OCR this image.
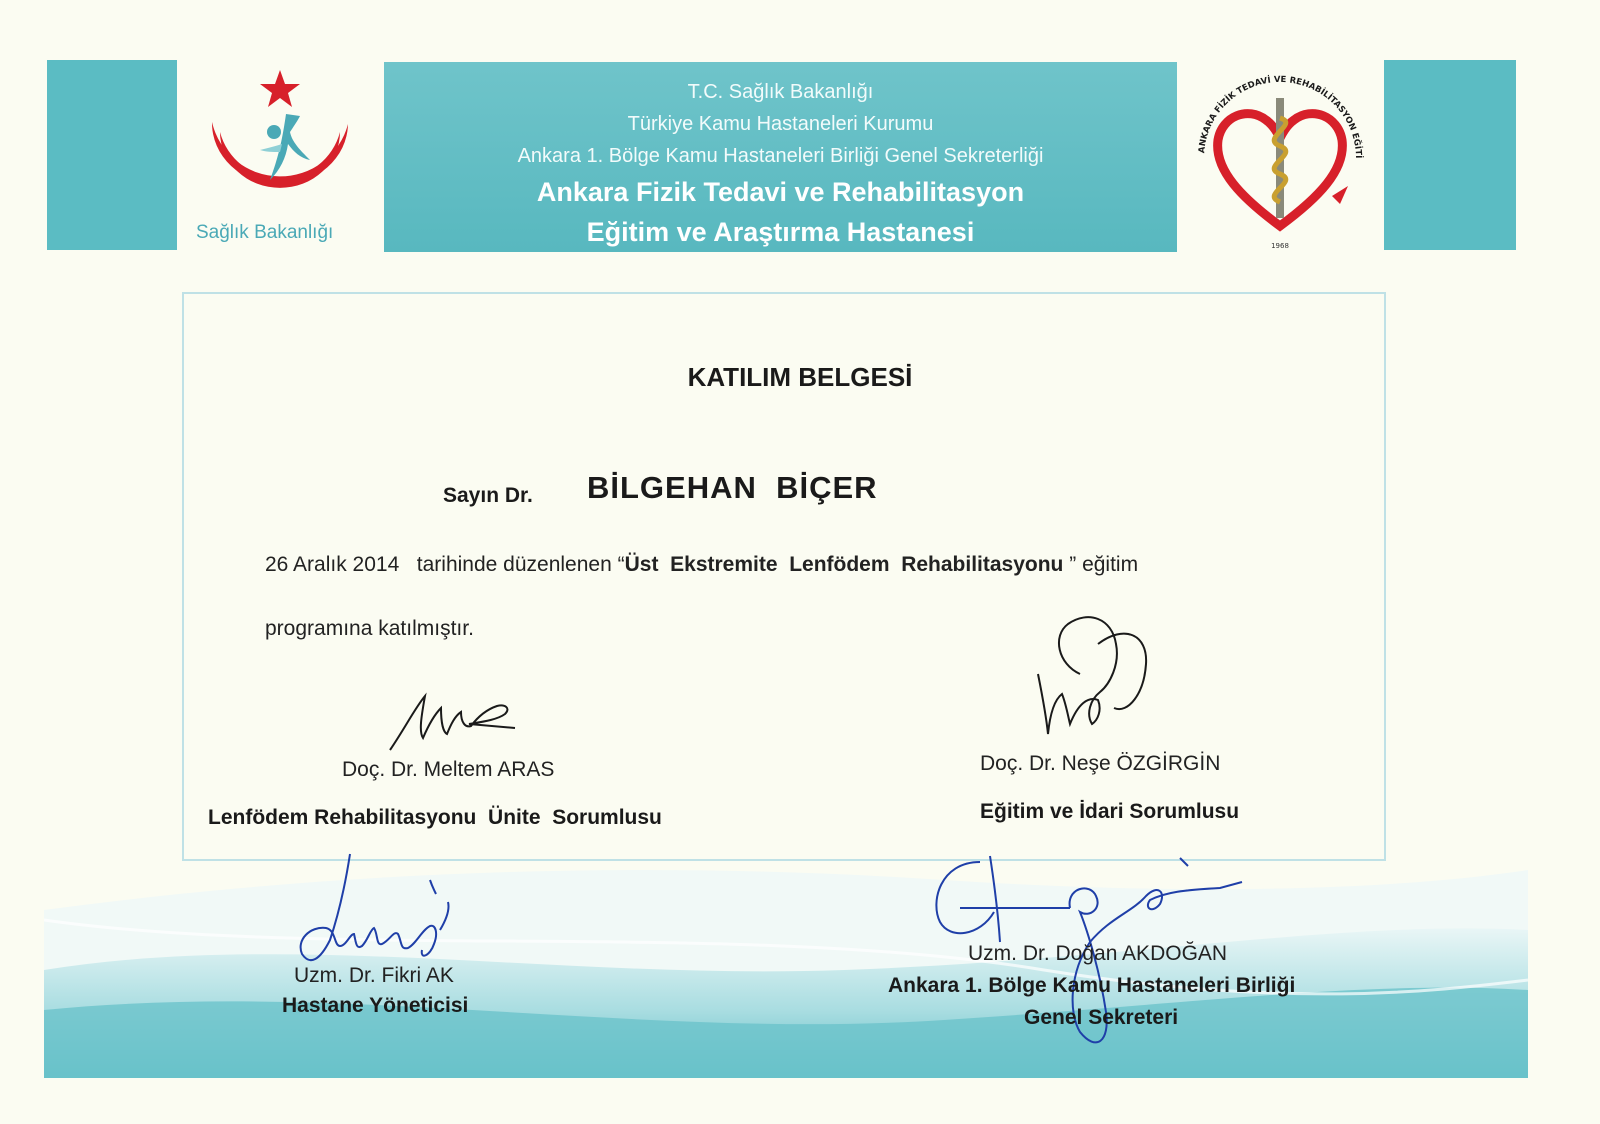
T.C. Sağlık Bakanlığı
Türkiye Kamu Hastaneleri Kurumu
Ankara 1. Bölge Kamu Hastaneleri Birliği Genel Sekreterliği
Ankara Fizik Tedavi ve Rehabilitasyon
Eğitim ve Araştırma Hastanesi
Sağlık Bakanlığı
ANKARA FİZİK TEDAVİ VE REHABİLİTASYON EĞİTİ
1968
KATILIM BELGESİ
Sayın Dr. BİLGEHAN  BİÇER
26 Aralık 2014 tarihinde düzenlenen “Üst  Ekstremite  Lenfödem  Rehabilitasyonu ” eğitim
programına katılmıştır.
Doç. Dr. Meltem ARAS
Lenfödem Rehabilitasyonu  Ünite  Sorumlusu
Doç. Dr. Neşe ÖZGİRGİN
Eğitim ve İdari Sorumlusu
Uzm. Dr. Fikri AK
Hastane Yöneticisi
Uzm. Dr. Doğan AKDOĞAN
Ankara 1. Bölge Kamu Hastaneleri Birliği
Genel Sekreteri
